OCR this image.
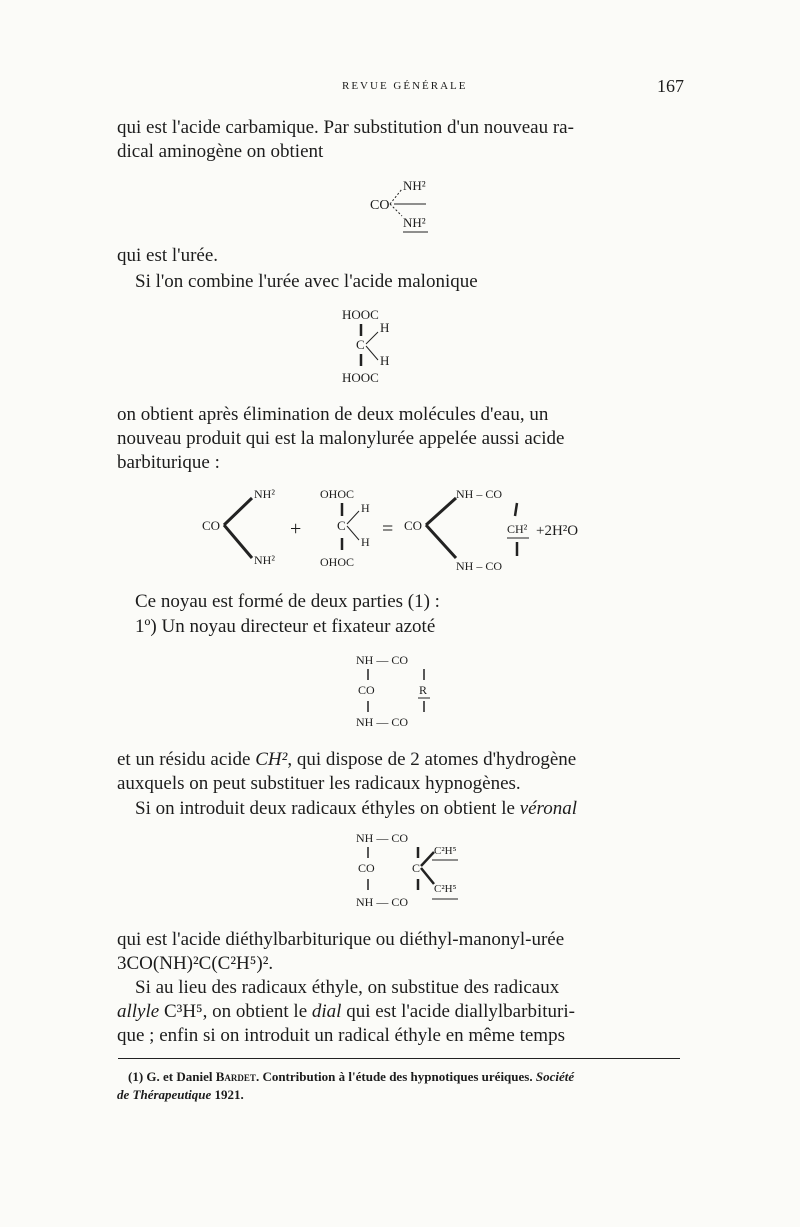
REVUE GÉNÉRALE	167
qui est l'acide carbamique. Par substitution d'un nouveau ra-
dical aminogène on obtient
CO
NH²
NH²
qui est l'urée.
Si l'on combine l'urée avec l'acide malonique
HOOC
C
H
H
HOOC
on obtient après élimination de deux molécules d'eau, un
nouveau produit qui est la malonylurée appelée aussi acide
barbiturique :
CO
NH²
NH²
+
OHOC
C
H
H
OHOC
= CO
NH – CO
CH² +2H²O
NH – CO
Ce noyau est formé de deux parties (1) :
1º) Un noyau directeur et fixateur azoté
NH — CO
CO	R
NH — CO
et un résidu acide CH², qui dispose de 2 atomes d'hydrogène
auxquels on peut substituer les radicaux hypnogènes.
Si on introduit deux radicaux éthyles on obtient le véronal
NH — CO
CO	C
C²H⁵
C²H⁵
NH — CO
qui est l'acide diéthylbarbiturique ou diéthyl-manonyl-urée
3CO(NH)²C(C²H⁵)².
Si au lieu des radicaux éthyle, on substitue des radicaux
allyle C³H⁵, on obtient le dial qui est l'acide diallylbarbituri-
que ; enfin si on introduit un radical éthyle en même temps
(1) G. et Daniel Bardet. Contribution à l'étude des hypnotiques uréiques. Société
de Thérapeutique 1921.
